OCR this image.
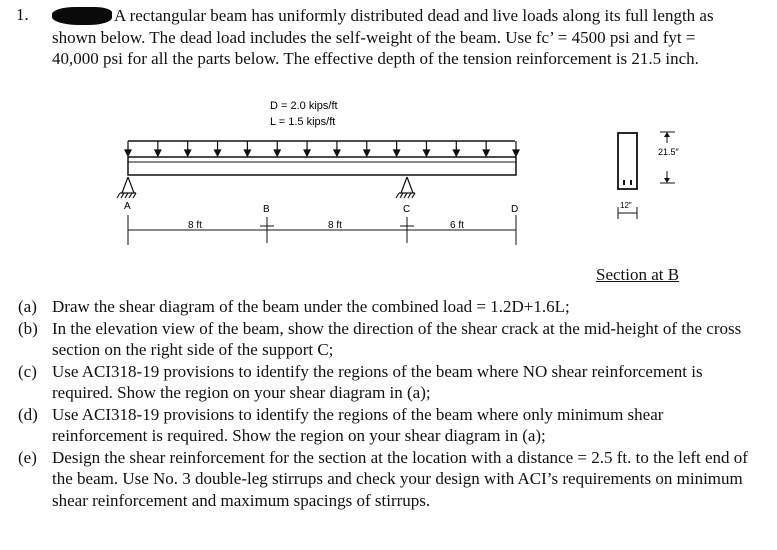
1.	A rectangular beam has uniformly distributed dead and live loads along its full length as shown below. The dead load includes the self-weight of the beam. Use fc’ = 4500 psi and fyt = 40,000 psi for all the parts below. The effective depth of the tension reinforcement is 21.5 inch.
D = 2.0 kips/ft
L = 1.5 kips/ft
A	B	C	D
8 ft	8 ft	6 ft
21.5″
12″
Section at B
(a) Draw the shear diagram of the beam under the combined load = 1.2D+1.6L;
(b) In the elevation view of the beam, show the direction of the shear crack at the mid-height of the cross section on the right side of the support C;
(c) Use ACI318-19 provisions to identify the regions of the beam where NO shear reinforcement is required. Show the region on your shear diagram in (a);
(d) Use ACI318-19 provisions to identify the regions of the beam where only minimum shear reinforcement is required. Show the region on your shear diagram in (a);
(e) Design the shear reinforcement for the section at the location with a distance = 2.5 ft. to the left end of the beam. Use No. 3 double-leg stirrups and check your design with ACI’s requirements on minimum shear reinforcement and maximum spacings of stirrups.
